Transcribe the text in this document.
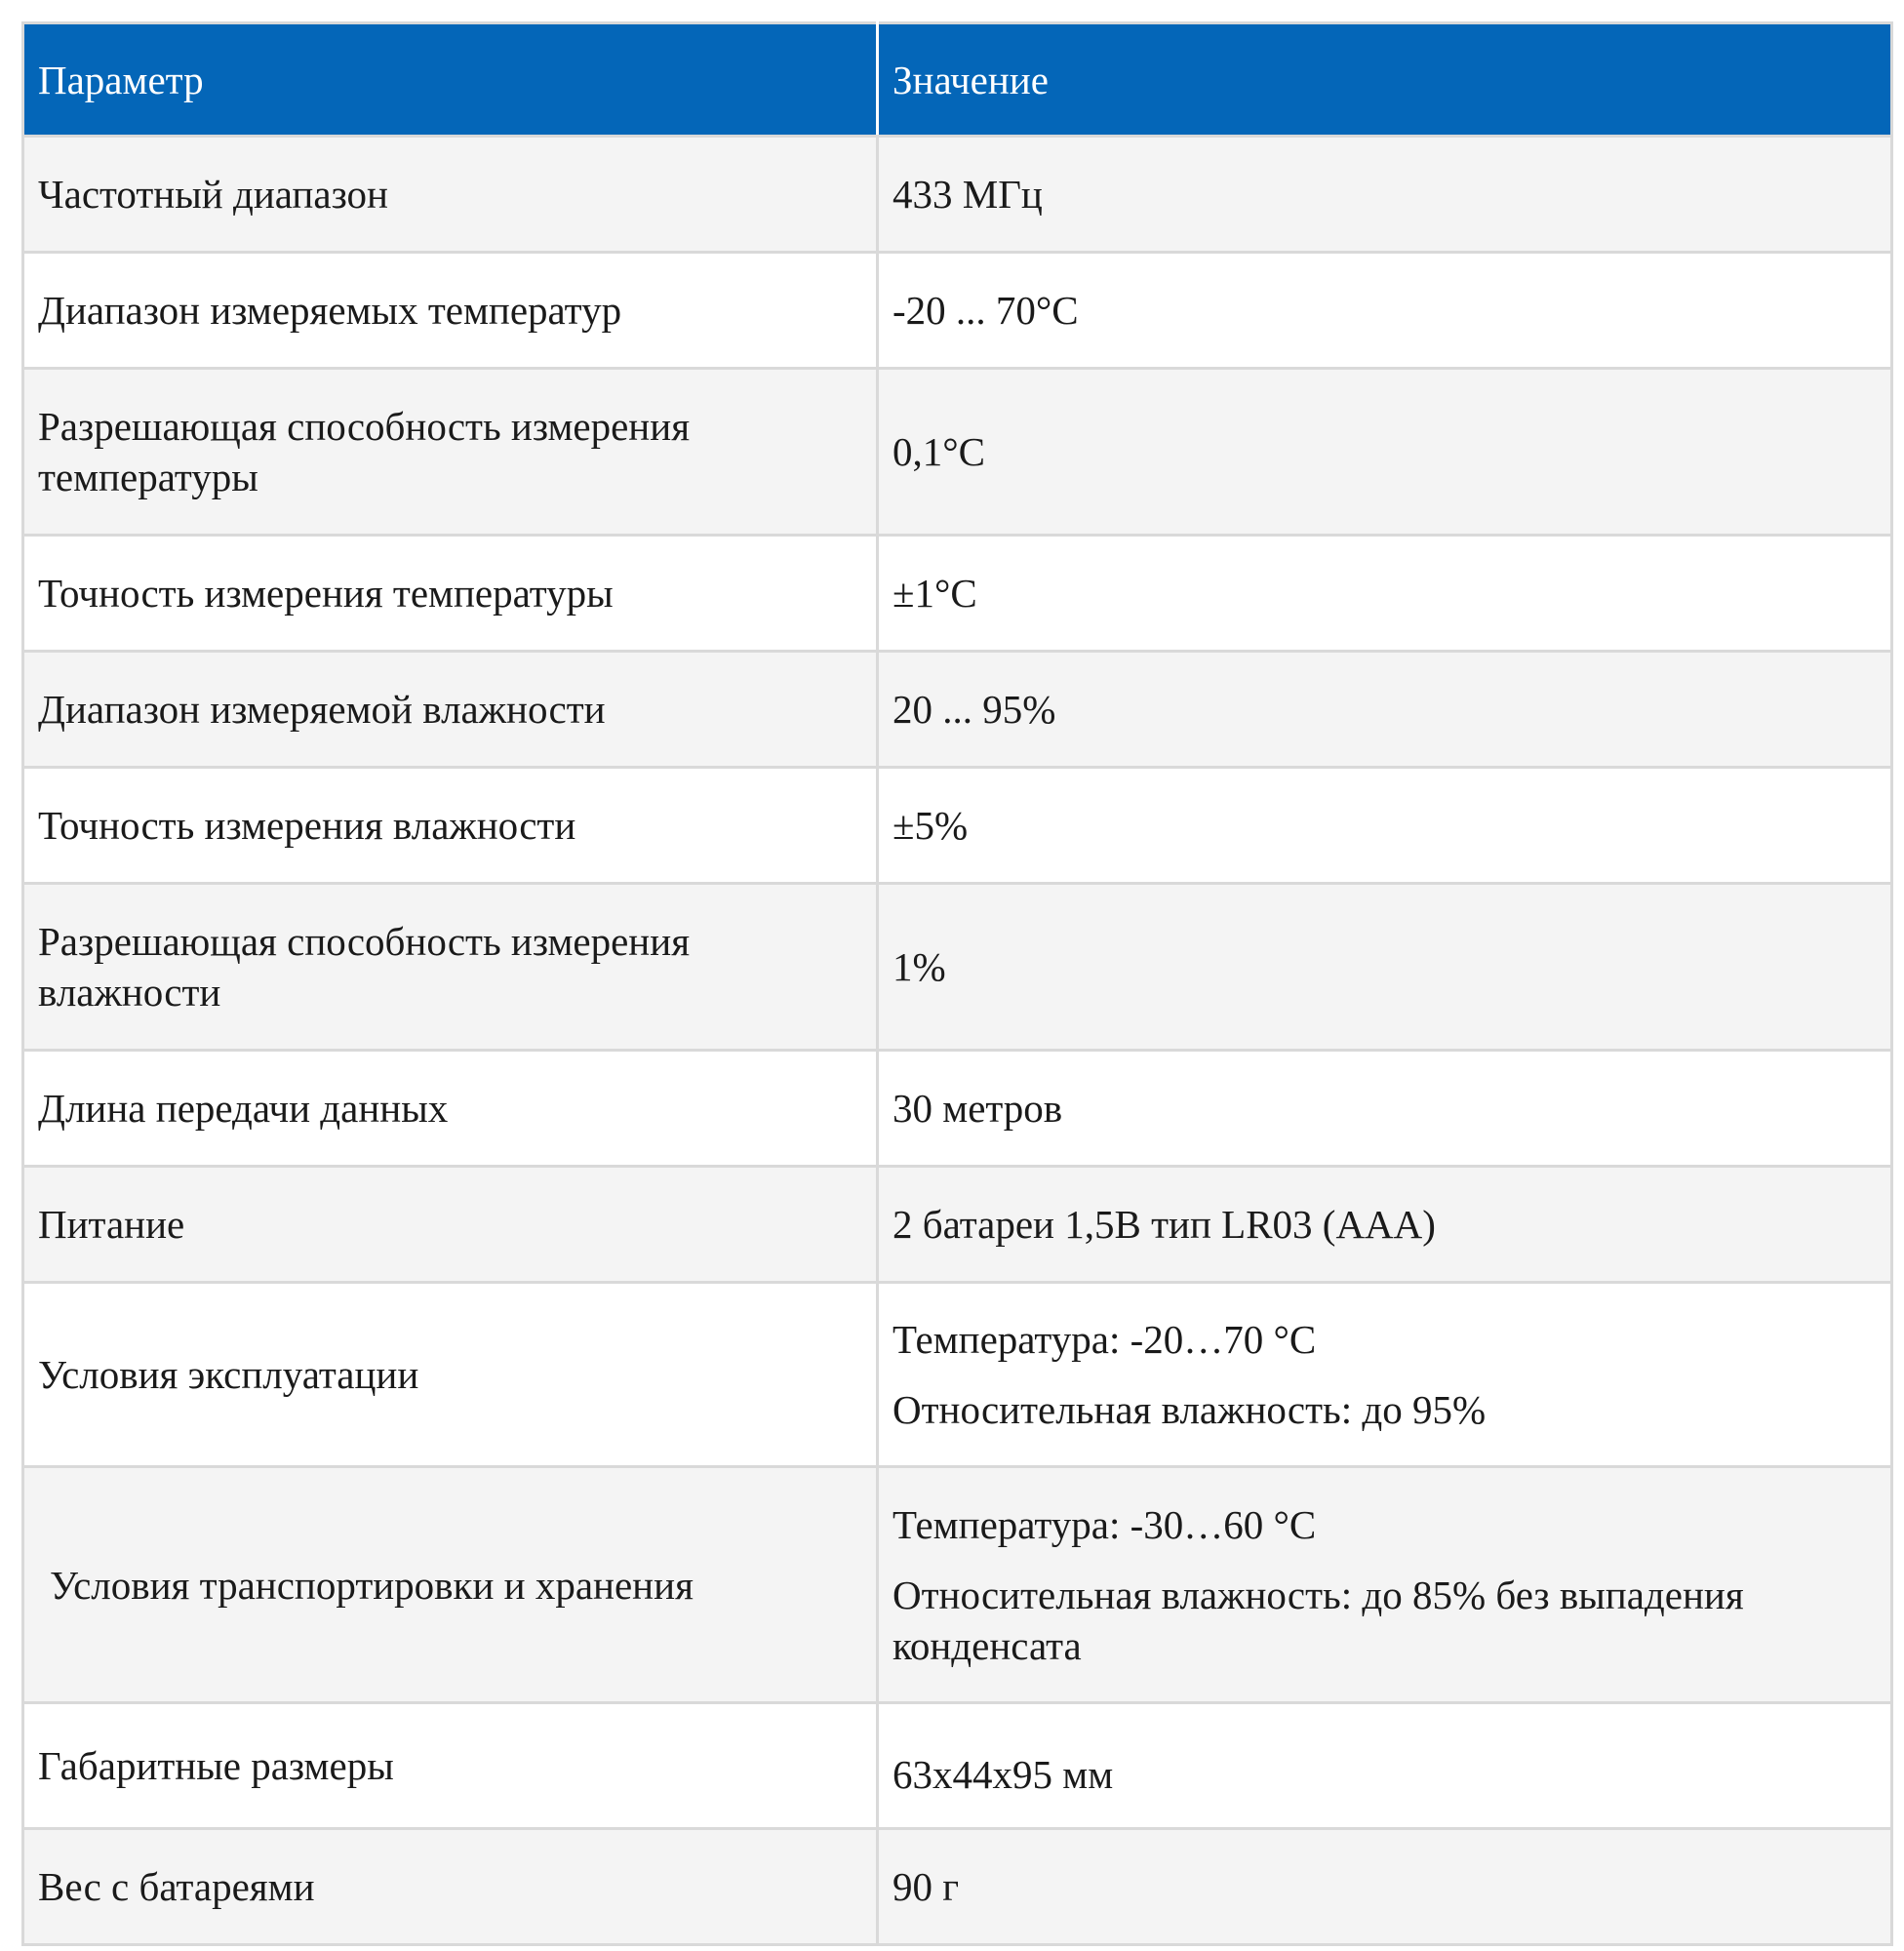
Параметр	Значение
Частотный диапазон	433 МГц
Диапазон измеряемых температур	-20 ... 70°С
Разрешающая способность измерения температуры	0,1°С
Точность измерения температуры	±1°С
Диапазон измеряемой влажности	20 ... 95%
Точность измерения влажности	±5%
Разрешающая способность измерения влажности	1%
Длина передачи данных	30 метров
Питание	2 батареи 1,5В тип LR03 (AAA)
Условия эксплуатации	Температура: -20…70 °С
Относительная влажность: до 95%

Условия транспортировки и хранения	Температура: -30…60 °С
Относительная влажность: до 85% без выпадения конденсата

Габаритные размеры	63x44x95 мм
Вес с батареями	90 г
